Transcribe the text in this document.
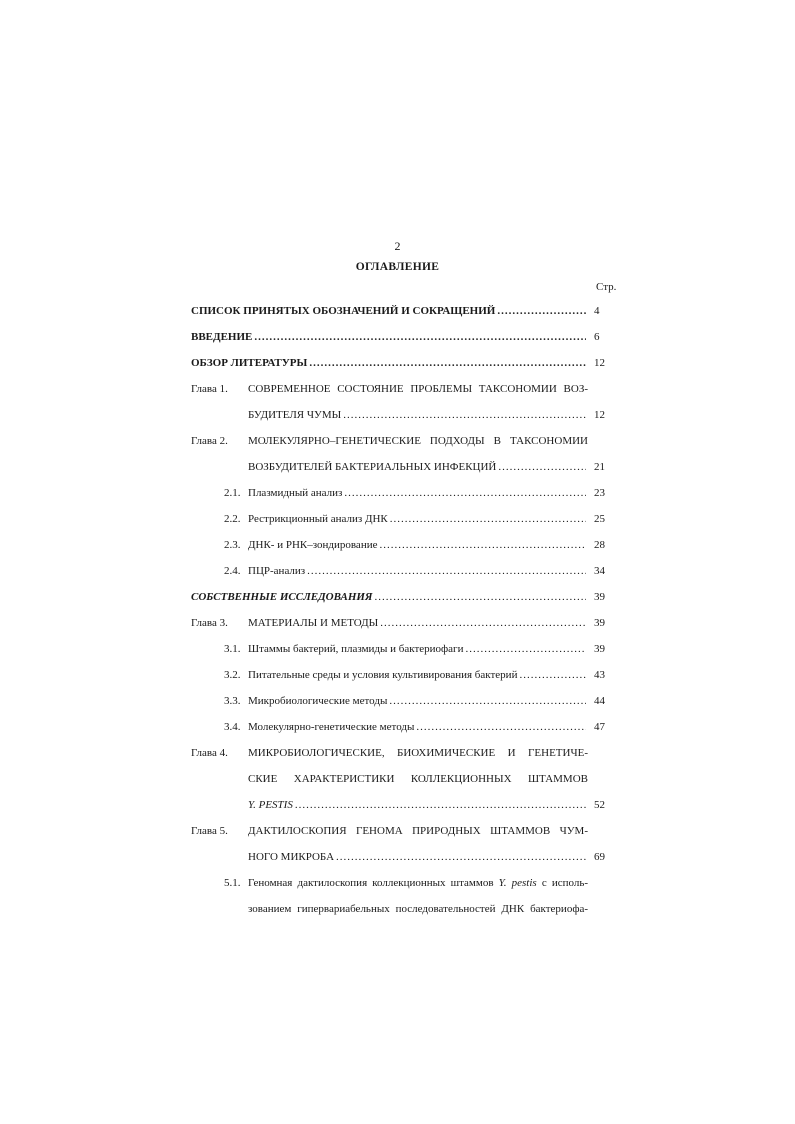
2
ОГЛАВЛЕНИЕ
Стр.
СПИСОК ПРИНЯТЫХ ОБОЗНАЧЕНИЙ И СОКРАЩЕНИЙ .....	4
ВВЕДЕНИЕ .....	6
ОБЗОР ЛИТЕРАТУРЫ .....	12
Глава 1. СОВРЕМЕННОЕ СОСТОЯНИЕ ПРОБЛЕМЫ ТАКСОНОМИИ ВОЗ-
БУДИТЕЛЯ ЧУМЫ .....	12
Глава 2. МОЛЕКУЛЯРНО–ГЕНЕТИЧЕСКИЕ ПОДХОДЫ В ТАКСОНОМИИ
ВОЗБУДИТЕЛЕЙ БАКТЕРИАЛЬНЫХ ИНФЕКЦИЙ .....	21
2.1. Плазмидный анализ .....	23
2.2. Рестрикционный анализ ДНК .....	25
2.3. ДНК- и РНК–зондирование .....	28
2.4. ПЦР-анализ .....	34
СОБСТВЕННЫЕ ИССЛЕДОВАНИЯ .....	39
Глава 3. МАТЕРИАЛЫ И МЕТОДЫ .....	39
3.1. Штаммы бактерий, плазмиды и бактериофаги .....	39
3.2. Питательные среды и условия культивирования бактерий .....	43
3.3. Микробиологические методы .....	44
3.4. Молекулярно-генетические методы .....	47
Глава 4. МИКРОБИОЛОГИЧЕСКИЕ, БИОХИМИЧЕСКИЕ И ГЕНЕТИЧЕ-
СКИЕ ХАРАКТЕРИСТИКИ КОЛЛЕКЦИОННЫХ ШТАММОВ
Y. PESTIS .....	52
Глава 5. ДАКТИЛОСКОПИЯ ГЕНОМА ПРИРОДНЫХ ШТАММОВ ЧУМ-
НОГО МИКРОБА .....	69
5.1. Геномная дактилоскопия коллекционных штаммов Y. pestis с исполь-
зованием гипервариабельных последовательностей ДНК бактериофа-
